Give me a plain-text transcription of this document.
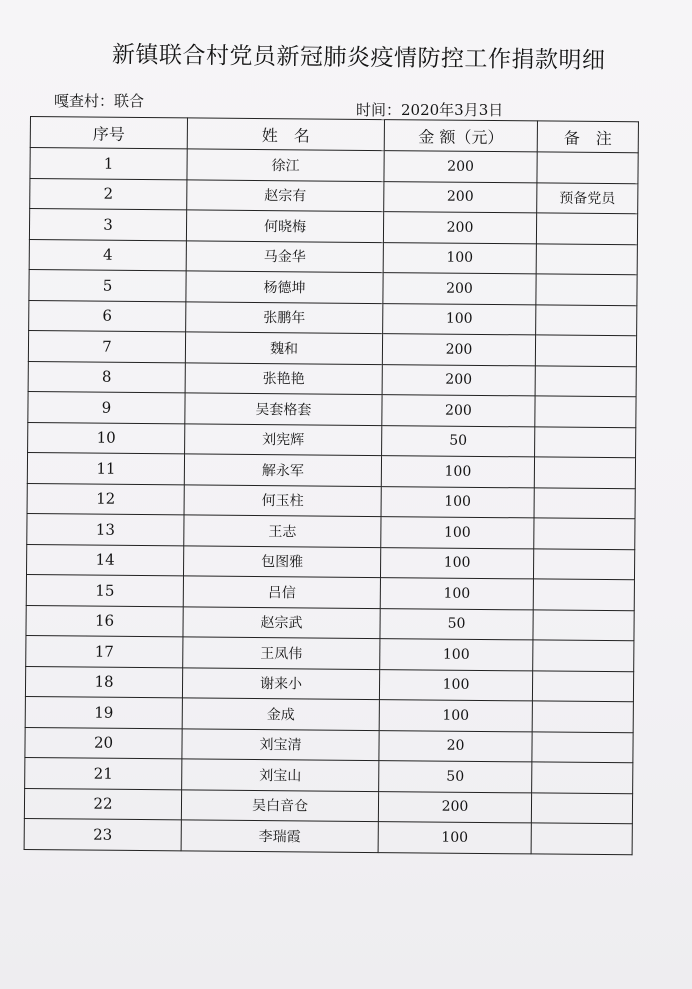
新镇联合村党员新冠肺炎疫情防控工作捐款明细
嘎查村：联合	时间：2020年3月3日
序号	姓　名	金 额（元）	备　注
1	徐江	200	
2	赵宗有	200	预备党员
3	何晓梅	200	
4	马金华	100	
5	杨德坤	200	
6	张鹏年	100	
7	魏和	200	
8	张艳艳	200	
9	吴套格套	200	
10	刘宪辉	50	
11	解永军	100	
12	何玉柱	100	
13	王志	100	
14	包图雅	100	
15	吕信	100	
16	赵宗武	50	
17	王凤伟	100	
18	谢来小	100	
19	金成	100	
20	刘宝清	20	
21	刘宝山	50	
22	吴白音仓	200	
23	李瑞霞	100	
